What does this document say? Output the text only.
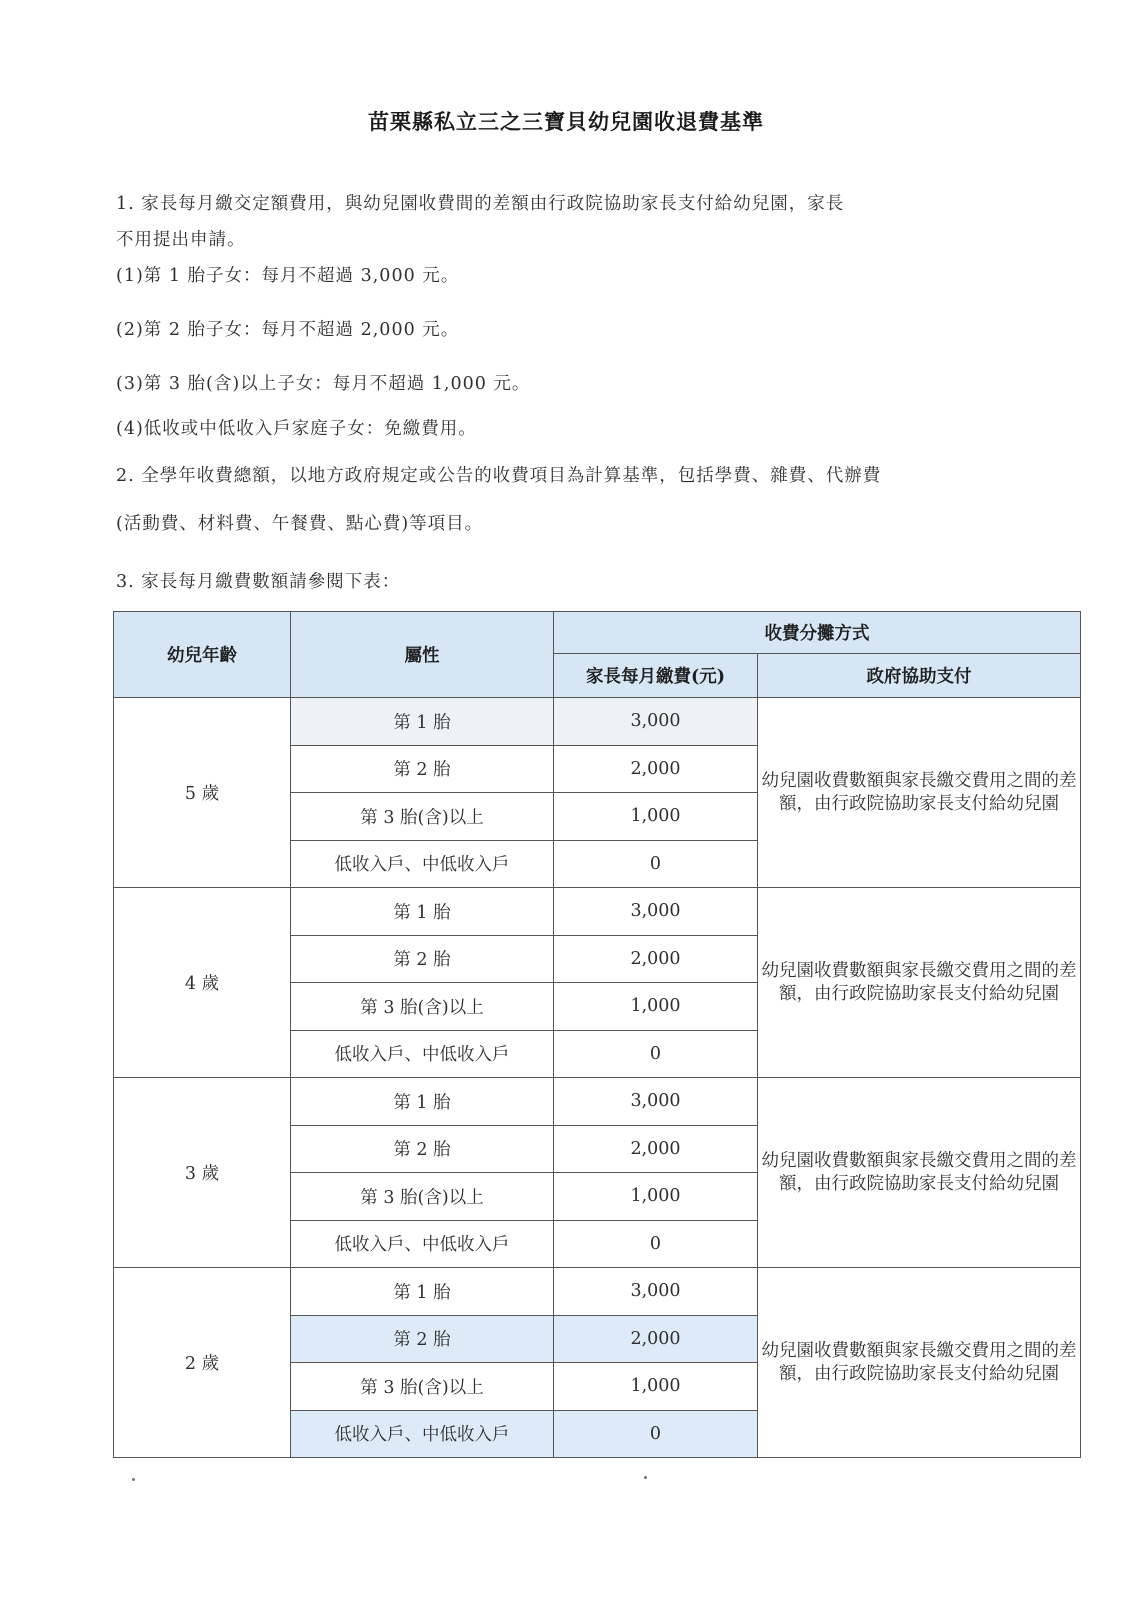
苗栗縣私立三之三寶貝幼兒園收退費基準
1. 家長每月繳交定額費用，與幼兒園收費間的差額由行政院協助家長支付給幼兒園，家長
不用提出申請。
(1)第 1 胎子女：每月不超過 3,000 元。
(2)第 2 胎子女：每月不超過 2,000 元。
(3)第 3 胎(含)以上子女：每月不超過 1,000 元。
(4)低收或中低收入戶家庭子女：免繳費用。
2. 全學年收費總額，以地方政府規定或公告的收費項目為計算基準，包括學費、雜費、代辦費
(活動費、材料費、午餐費、點心費)等項目。
3. 家長每月繳費數額請參閱下表：
幼兒年齡	屬性	收費分攤方式	
		家長每月繳費(元)	政府協助支付
5 歲	第 1 胎	3,000	幼兒園收費數額與家長繳交費用之間的差額，由行政院協助家長支付給幼兒園
	第 2 胎	2,000	
	第 3 胎(含)以上	1,000	
	低收入戶、中低收入戶	0	
4 歲	第 1 胎	3,000	幼兒園收費數額與家長繳交費用之間的差額，由行政院協助家長支付給幼兒園
	第 2 胎	2,000	
	第 3 胎(含)以上	1,000	
	低收入戶、中低收入戶	0	
3 歲	第 1 胎	3,000	幼兒園收費數額與家長繳交費用之間的差額，由行政院協助家長支付給幼兒園
	第 2 胎	2,000	
	第 3 胎(含)以上	1,000	
	低收入戶、中低收入戶	0	
2 歲	第 1 胎	3,000	幼兒園收費數額與家長繳交費用之間的差額，由行政院協助家長支付給幼兒園
	第 2 胎	2,000	
	第 3 胎(含)以上	1,000	
	低收入戶、中低收入戶	0	
